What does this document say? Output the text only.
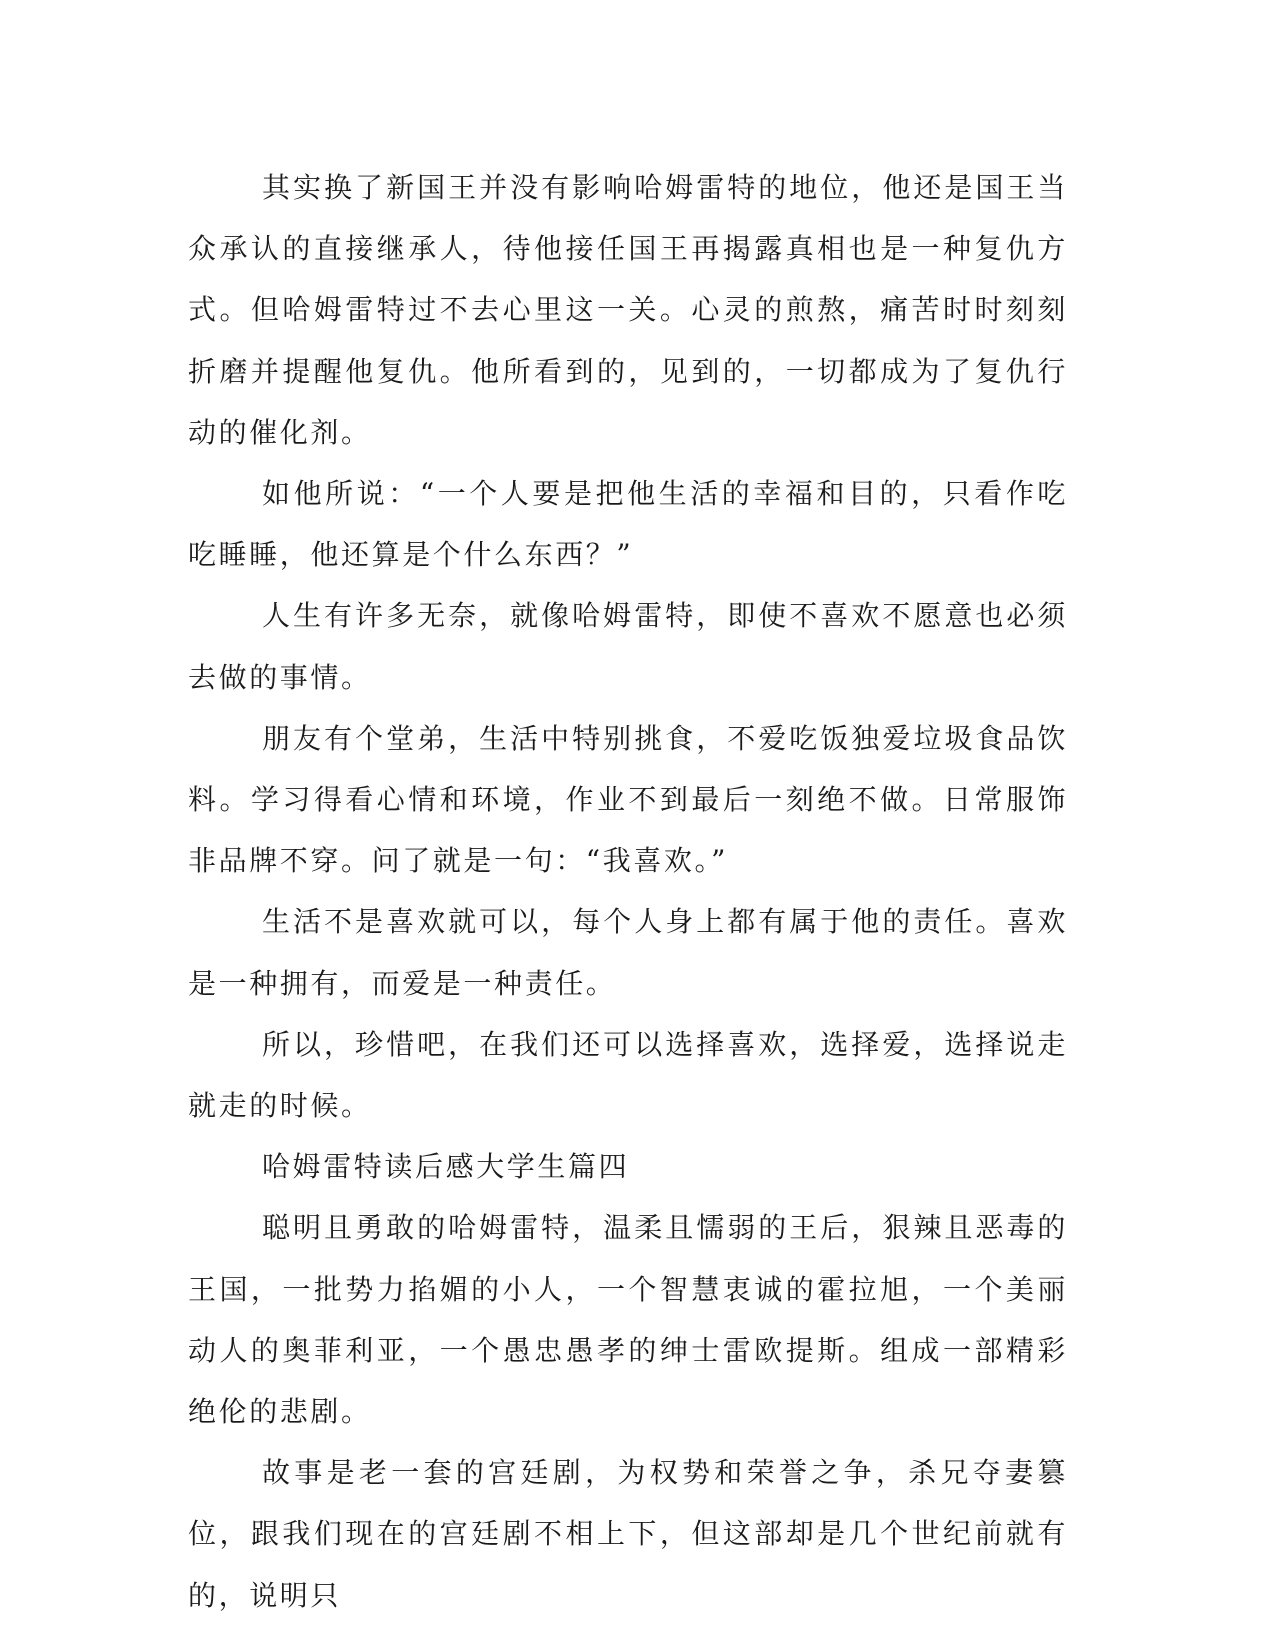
其实换了新国王并没有影响哈姆雷特的地位，他还是国王当众承认的直接继承人，待他接任国王再揭露真相也是一种复仇方式。但哈姆雷特过不去心里这一关。心灵的煎熬，痛苦时时刻刻折磨并提醒他复仇。他所看到的，见到的，一切都成为了复仇行动的催化剂。

如他所说：“一个人要是把他生活的幸福和目的，只看作吃吃睡睡，他还算是个什么东西？”

人生有许多无奈，就像哈姆雷特，即使不喜欢不愿意也必须去做的事情。

朋友有个堂弟，生活中特别挑食，不爱吃饭独爱垃圾食品饮料。学习得看心情和环境，作业不到最后一刻绝不做。日常服饰非品牌不穿。问了就是一句：“我喜欢。”

生活不是喜欢就可以，每个人身上都有属于他的责任。喜欢是一种拥有，而爱是一种责任。

所以，珍惜吧，在我们还可以选择喜欢，选择爱，选择说走就走的时候。

哈姆雷特读后感大学生篇四

聪明且勇敢的哈姆雷特，温柔且懦弱的王后，狠辣且恶毒的王国，一批势力掐媚的小人，一个智慧衷诚的霍拉旭，一个美丽动人的奥菲利亚，一个愚忠愚孝的绅士雷欧提斯。组成一部精彩绝伦的悲剧。

故事是老一套的宫廷剧，为权势和荣誉之争，杀兄夺妻篡位，跟我们现在的宫廷剧不相上下，但这部却是几个世纪前就有的，说明只
